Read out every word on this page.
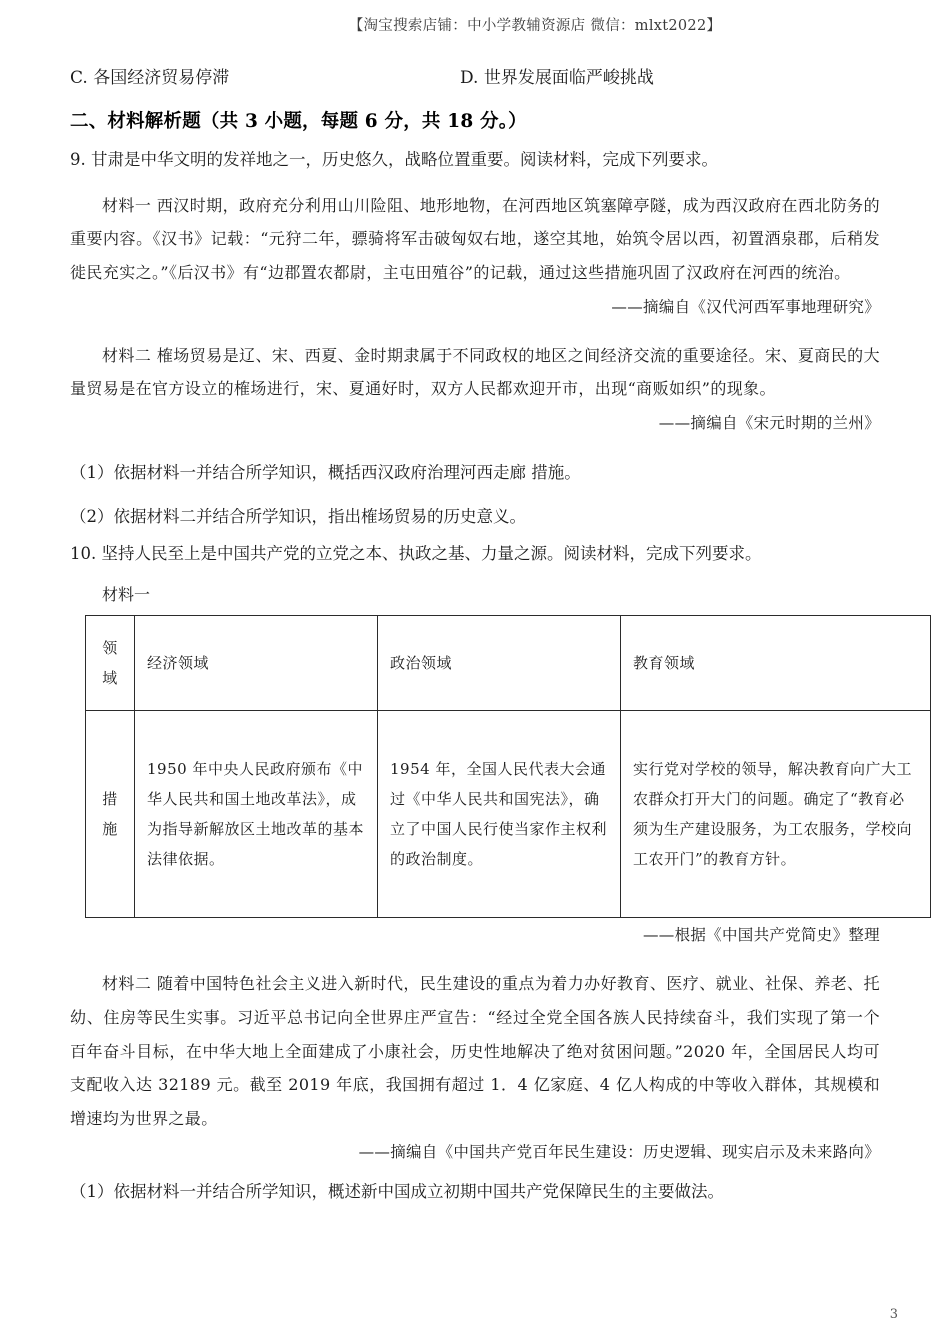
【淘宝搜索店铺：中小学教辅资源店 微信：mlxt2022】
C. 各国经济贸易停滞	D. 世界发展面临严峻挑战
二、材料解析题（共 3 小题，每题 6 分，共 18 分。）
9. 甘肃是中华文明的发祥地之一，历史悠久，战略位置重要。阅读材料，完成下列要求。
材料一 西汉时期，政府充分利用山川险阻、地形地物，在河西地区筑塞障亭隧，成为西汉政府在西北防务的重要内容。《汉书》记载：“元狩二年，骠骑将军击破匈奴右地，遂空其地，始筑令居以西，初置酒泉郡，后稍发徙民充实之。”《后汉书》有“边郡置农都尉，主屯田殖谷”的记载，通过这些措施巩固了汉政府在河西的统治。
——摘编自《汉代河西军事地理研究》
材料二 榷场贸易是辽、宋、西夏、金时期隶属于不同政权的地区之间经济交流的重要途径。宋、夏商民的大量贸易是在官方设立的榷场进行，宋、夏通好时，双方人民都欢迎开市，出现“商贩如织”的现象。
——摘编自《宋元时期的兰州》
（1）依据材料一并结合所学知识，概括西汉政府治理河西走廊 措施。
（2）依据材料二并结合所学知识，指出榷场贸易的历史意义。
10. 坚持人民至上是中国共产党的立党之本、执政之基、力量之源。阅读材料，完成下列要求。
材料一
领
域	经济领域	政治领域	教育领域

措
施	1950 年中央人民政府颁布《中华人民共和国土地改革法》，成为指导新解放区土地改革的基本法律依据。	1954 年，全国人民代表大会通过《中华人民共和国宪法》，确立了中国人民行使当家作主权利的政治制度。	实行党对学校的领导，解决教育向广大工农群众打开大门的问题。确定了“教育必须为生产建设服务，为工农服务，学校向工农开门”的教育方针。
——根据《中国共产党简史》整理
材料二 随着中国特色社会主义进入新时代，民生建设的重点为着力办好教育、医疗、就业、社保、养老、托幼、住房等民生实事。习近平总书记向全世界庄严宣告：“经过全党全国各族人民持续奋斗，我们实现了第一个百年奋斗目标，在中华大地上全面建成了小康社会，历史性地解决了绝对贫困问题。”2020 年，全国居民人均可支配收入达 32189 元。截至 2019 年底，我国拥有超过 1．4 亿家庭、4 亿人构成的中等收入群体，其规模和增速均为世界之最。
——摘编自《中国共产党百年民生建设：历史逻辑、现实启示及未来路向》
（1）依据材料一并结合所学知识，概述新中国成立初期中国共产党保障民生的主要做法。
3
